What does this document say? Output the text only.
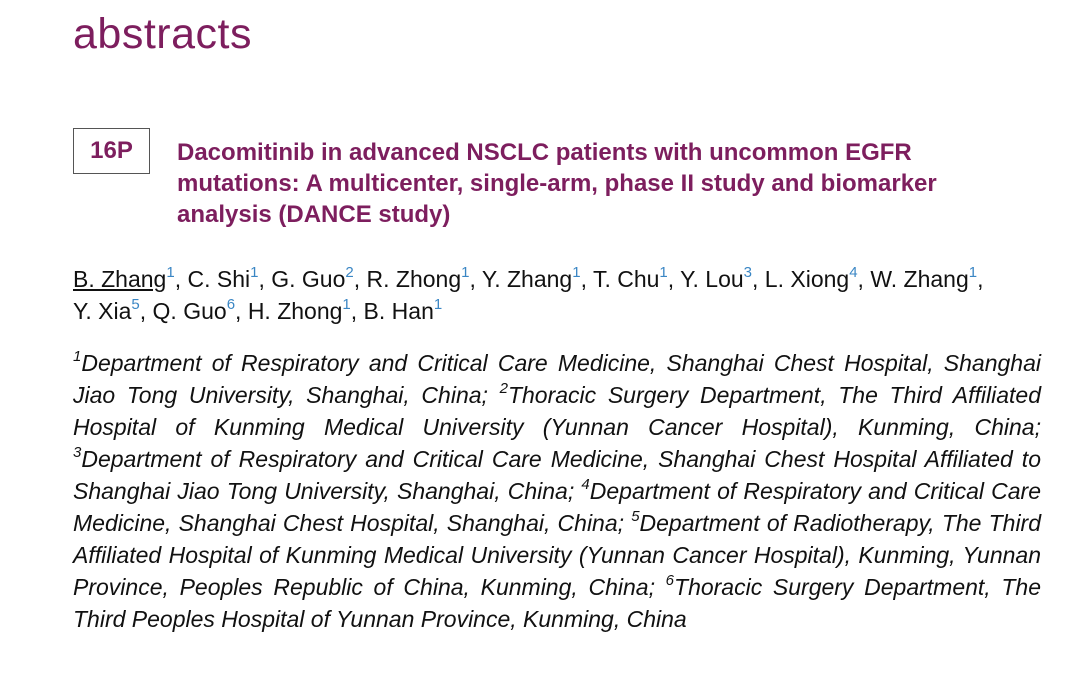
abstracts
16P	Dacomitinib in advanced NSCLC patients with uncommon EGFR mutations: A multicenter, single-arm, phase II study and biomarker analysis (DANCE study)

B. Zhang$^1$, C. Shi$^1$, G. Guo$^2$, R. Zhong$^1$, Y. Zhang$^1$, T. Chu$^1$, Y. Lou$^3$, L. Xiong$^4$, W. Zhang$^1$, Y. Xia$^5$, Q. Guo$^6$, H. Zhong$^1$, B. Han$^1$

$^1$Department of Respiratory and Critical Care Medicine, Shanghai Chest Hospital, Shanghai Jiao Tong University, Shanghai, China; $^2$Thoracic Surgery Department, The Third Affiliated Hospital of Kunming Medical University (Yunnan Cancer Hospital), Kunming, China; $^3$Department of Respiratory and Critical Care Medicine, Shanghai Chest Hospital Affiliated to Shanghai Jiao Tong University, Shanghai, China; $^4$Department of Respiratory and Critical Care Medicine, Shanghai Chest Hospital, Shanghai, China; $^5$Department of Radiotherapy, The Third Affiliated Hospital of Kunming Medical University (Yunnan Cancer Hospital), Kunming, Yunnan Province, Peoples Republic of China, Kunming, China; $^6$Thoracic Surgery Department, The Third Peoples Hospital of Yunnan Province, Kunming, China
